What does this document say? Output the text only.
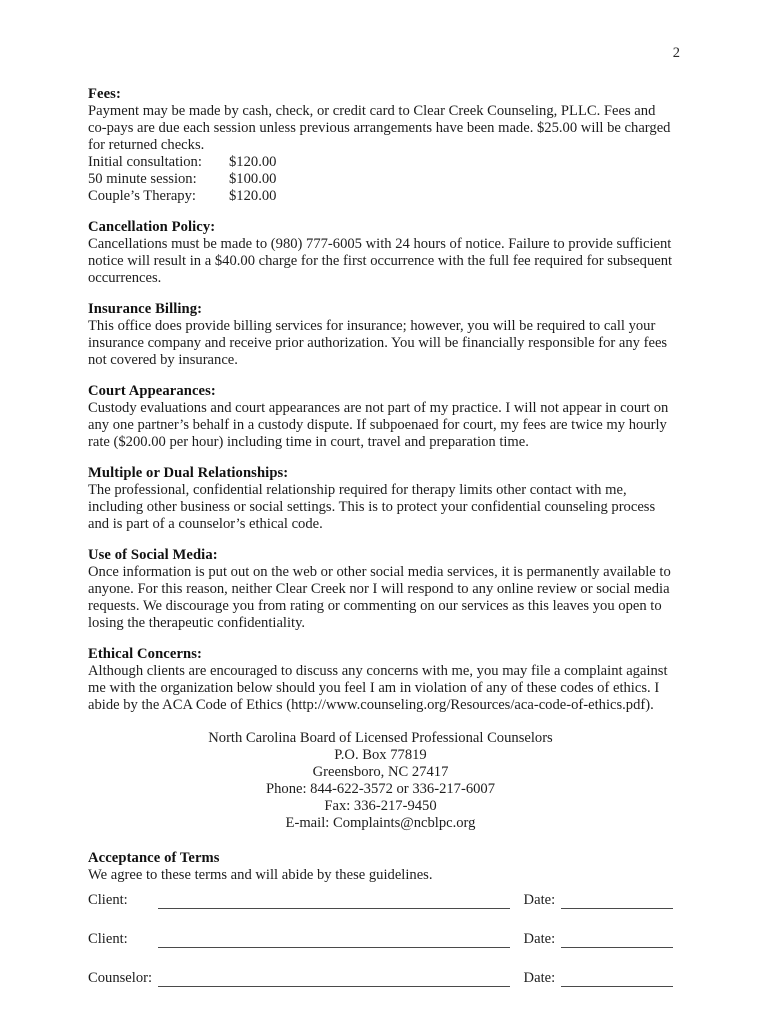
2
Fees:

Payment may be made by cash, check, or credit card to Clear Creek Counseling, PLLC. Fees and co-pays are due each session unless previous arrangements have been made. $25.00 will be charged for returned checks.

Initial consultation: $120.00
50 minute session: $100.00
Couple’s Therapy: $120.00
Cancellation Policy:

Cancellations must be made to (980) 777-6005 with 24 hours of notice. Failure to provide sufficient notice will result in a $40.00 charge for the first occurrence with the full fee required for subsequent occurrences.

Insurance Billing:

This office does provide billing services for insurance; however, you will be required to call your insurance company and receive prior authorization. You will be financially responsible for any fees not covered by insurance.

Court Appearances:

Custody evaluations and court appearances are not part of my practice. I will not appear in court on any one partner’s behalf in a custody dispute. If subpoenaed for court, my fees are twice my hourly rate ($200.00 per hour) including time in court, travel and preparation time.

Multiple or Dual Relationships:

The professional, confidential relationship required for therapy limits other contact with me, including other business or social settings. This is to protect your confidential counseling process and is part of a counselor’s ethical code.

Use of Social Media:

Once information is put out on the web or other social media services, it is permanently available to anyone. For this reason, neither Clear Creek nor I will respond to any online review or social media requests. We discourage you from rating or commenting on our services as this leaves you open to losing the therapeutic confidentiality.

Ethical Concerns:

Although clients are encouraged to discuss any concerns with me, you may file a complaint against me with the organization below should you feel I am in violation of any of these codes of ethics. I abide by the ACA Code of Ethics (http://www.counseling.org/Resources/aca-code-of-ethics.pdf).

North Carolina Board of Licensed Professional Counselors
P.O. Box 77819
Greensboro, NC 27417
Phone: 844-622-3572 or 336-217-6007
Fax: 336-217-9450
E-mail: Complaints@ncblpc.org
Acceptance of Terms

We agree to these terms and will abide by these guidelines.

Client:		Date:	

Client:		Date:	

Counselor:		Date:	
